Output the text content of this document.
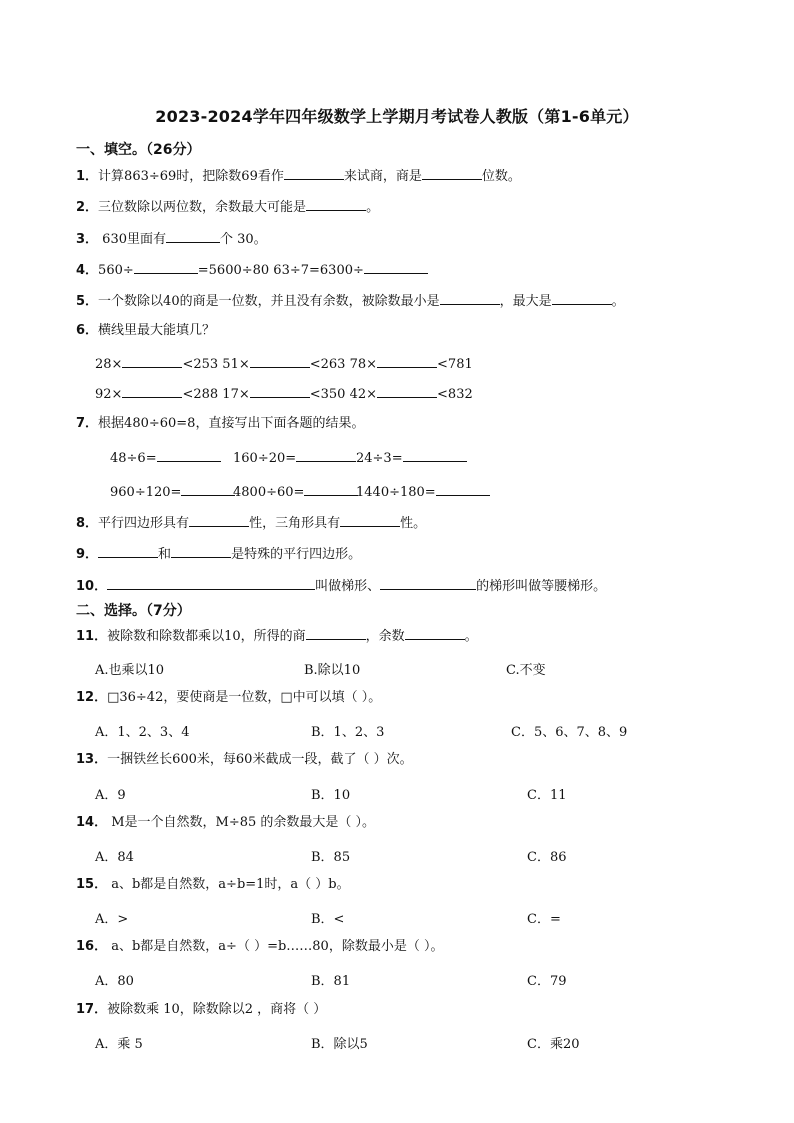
2023-2024学年四年级数学上学期月考试卷人教版（第1-6单元）
一、填空。（26分）
1．计算863÷69时，把除数69看作	来试商，商是	位数。
2．三位数除以两位数，余数最大可能是	。
3． 630里面有	个 30。
4．560÷	=5600÷80 63÷7=6300÷
5．一个数除以40的商是一位数，并且没有余数，被除数最小是	，最大是	。
6．横线里最大能填几？
28×	<253 51×	<263 78×	<781
92×	<288 17×	<350 42×	<832
7．根据480÷60=8，直接写出下面各题的结果。
48÷6=	160÷20=	24÷3=
960÷120=	4800÷60=	1440÷180=
8．平行四边形具有	性，三角形具有	性。
9．	和	是特殊的平行四边形。
10．	叫做梯形、	的梯形叫做等腰梯形。
二、选择。（7分）
11．被除数和除数都乘以10，所得的商	，余数	。
A.也乘以10	B.除以10	C.不变
12．□36÷42，要使商是一位数，□中可以填（ ）。
A．1、2、3、4	B．1、2、3	C．5、6、7、8、9
13．一捆铁丝长600米，每60米截成一段，截了（ ）次。
A．9	B．10	C．11
14． M是一个自然数，M÷85 的余数最大是（ ）。
A．84	B．85	C．86
15． a、b都是自然数，a÷b=1时，a（ ）b。
A．>	B．<	C．=
16． a、b都是自然数，a÷（ ）=b……80，除数最小是（ ）。
A．80	B．81	C．79
17．被除数乘 10，除数除以2 ，商将（ ）
A．乘 5	B．除以5	C．乘20
